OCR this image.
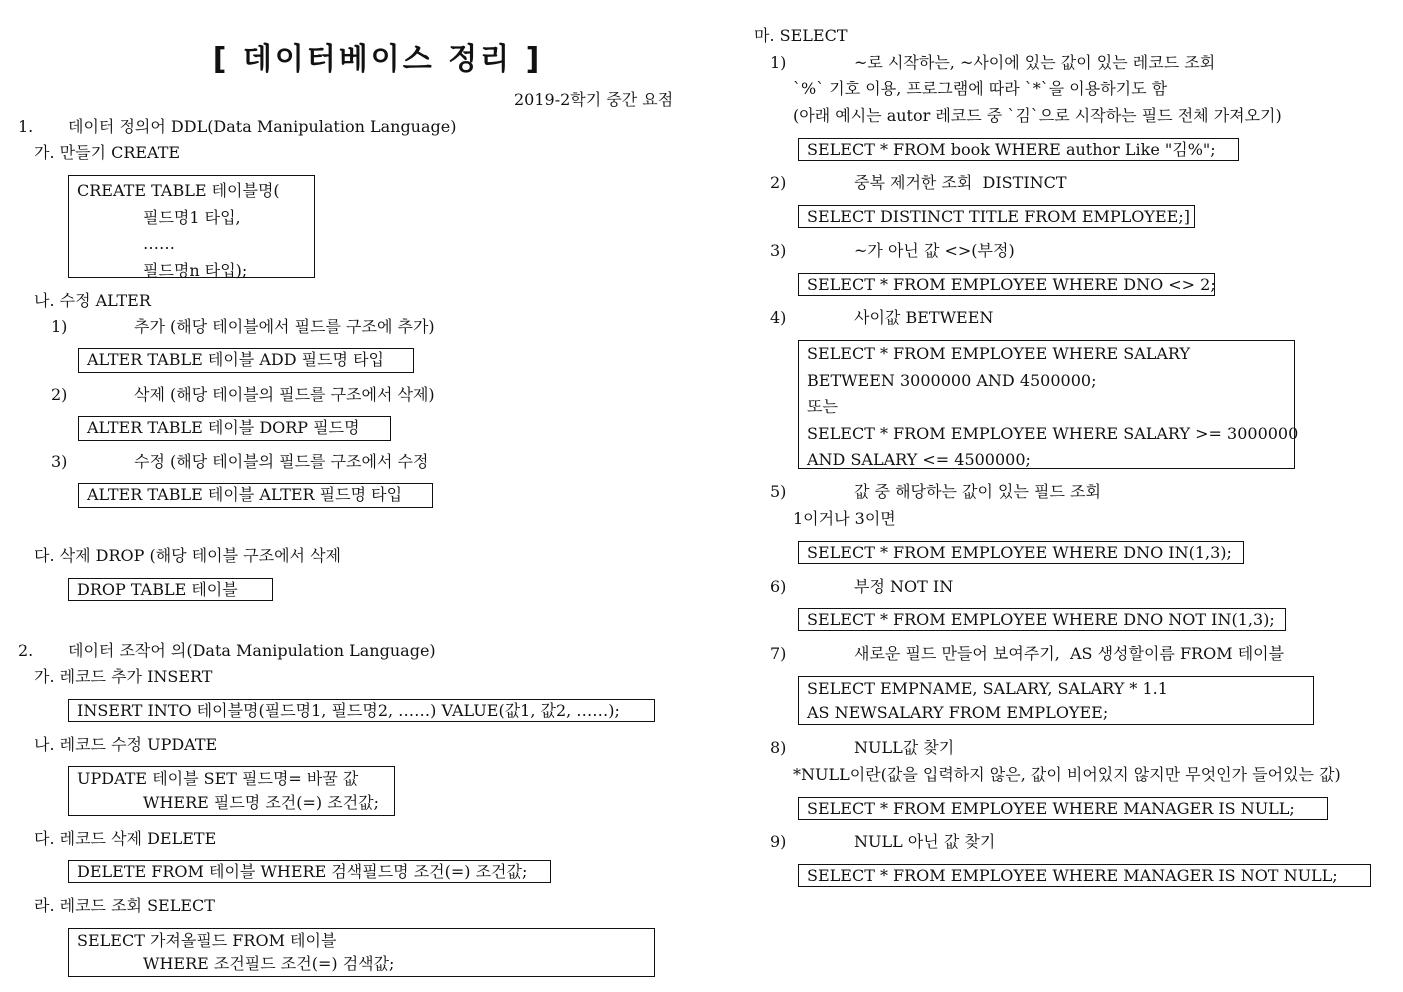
[ 데이터베이스 정리 ]
2019-2학기 중간 요점
1. 데이터 정의어 DDL(Data Manipulation Language)
가. 만들기 CREATE
CREATE TABLE 테이블명(
필드명1 타입,
……
필드명n 타입);
나. 수정 ALTER
1)	추가 (해당 테이블에서 필드를 구조에 추가)
ALTER TABLE 테이블 ADD 필드명 타입
2)	삭제 (해당 테이블의 필드를 구조에서 삭제)
ALTER TABLE 테이블 DORP 필드명
3)	수정 (해당 테이블의 필드를 구조에서 수정
ALTER TABLE 테이블 ALTER 필드명 타입
다. 삭제 DROP (해당 테이블 구조에서 삭제
DROP TABLE 테이블
2. 데이터 조작어 의(Data Manipulation Language)
가. 레코드 추가 INSERT
INSERT INTO 테이블명(필드명1, 필드명2, ……) VALUE(값1, 값2, ……);
나. 레코드 수정 UPDATE
UPDATE 테이블 SET 필드명= 바꿀 값
WHERE 필드명 조건(=) 조건값;
다. 레코드 삭제 DELETE
DELETE FROM 테이블 WHERE 검색필드명 조건(=) 조건값;
라. 레코드 조회 SELECT
SELECT 가져올필드 FROM 테이블
WHERE 조건필드 조건(=) 검색값;
마. SELECT
1)	~로 시작하는, ~사이에 있는 값이 있는 레코드 조회
`%` 기호 이용, 프로그램에 따라 `*`을 이용하기도 함
(아래 예시는 autor 레코드 중 `김`으로 시작하는 필드 전체 가져오기)
SELECT * FROM book WHERE author Like "김%";
2)	중복 제거한 조회  DISTINCT
SELECT DISTINCT TITLE FROM EMPLOYEE;]
3)	~가 아닌 값 <>(부정)
SELECT * FROM EMPLOYEE WHERE DNO <> 2;
4)	사이값 BETWEEN
SELECT * FROM EMPLOYEE WHERE SALARY
BETWEEN 3000000 AND 4500000;
또는
SELECT * FROM EMPLOYEE WHERE SALARY >= 3000000
AND SALARY <= 4500000;
5)	값 중 해당하는 값이 있는 필드 조회
1이거나 3이면
SELECT * FROM EMPLOYEE WHERE DNO IN(1,3);
6)	부정 NOT IN
SELECT * FROM EMPLOYEE WHERE DNO NOT IN(1,3);
7)	새로운 필드 만들어 보여주기,  AS 생성할이름 FROM 테이블
SELECT EMPNAME, SALARY, SALARY * 1.1
AS NEWSALARY FROM EMPLOYEE;
8)	NULL값 찾기
*NULL이란(값을 입력하지 않은, 값이 비어있지 않지만 무엇인가 들어있는 값)
SELECT * FROM EMPLOYEE WHERE MANAGER IS NULL;
9)	NULL 아닌 값 찾기
SELECT * FROM EMPLOYEE WHERE MANAGER IS NOT NULL;
